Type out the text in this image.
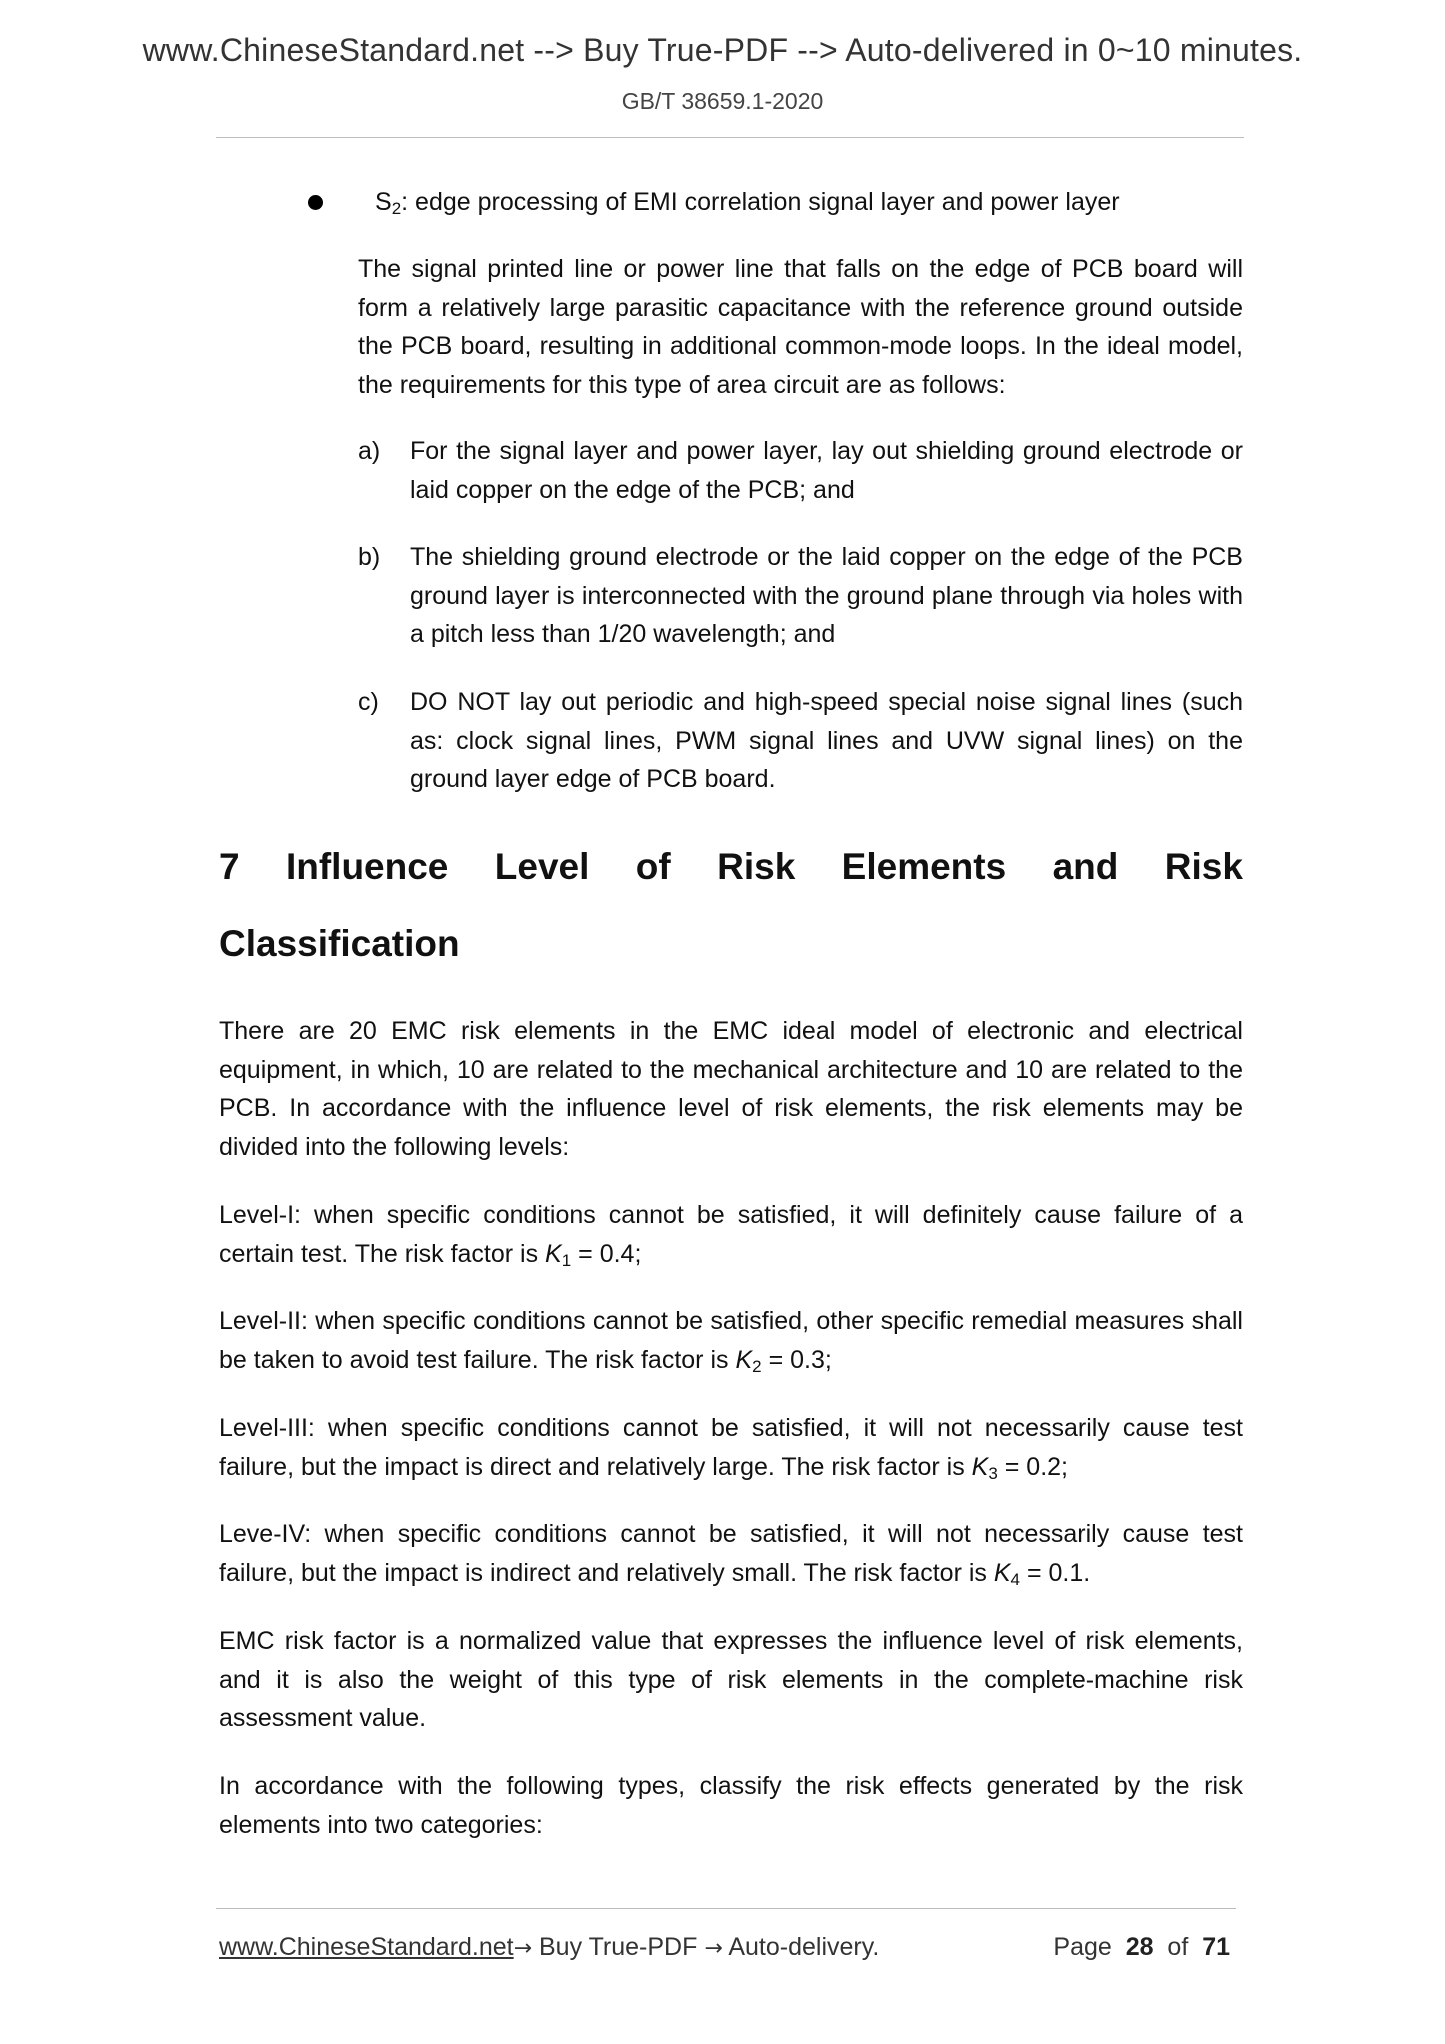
www.ChineseStandard.net --> Buy True-PDF --> Auto-delivered in 0~10 minutes.
GB/T 38659.1-2020
$S_2$: edge processing of EMI correlation signal layer and power layer

The signal printed line or power line that falls on the edge of PCB board will form a relatively large parasitic capacitance with the reference ground outside the PCB board, resulting in additional common-mode loops. In the ideal model, the requirements for this type of area circuit are as follows:

a) For the signal layer and power layer, lay out shielding ground electrode or laid copper on the edge of the PCB; and
b) The shielding ground electrode or the laid copper on the edge of the PCB ground layer is interconnected with the ground plane through via holes with a pitch less than 1/20 wavelength; and
c) DO NOT lay out periodic and high-speed special noise signal lines (such as: clock signal lines, PWM signal lines and UVW signal lines) on the ground layer edge of PCB board.
7 Influence Level of Risk Elements and Risk
Classification

There are 20 EMC risk elements in the EMC ideal model of electronic and electrical equipment, in which, 10 are related to the mechanical architecture and 10 are related to the PCB. In accordance with the influence level of risk elements, the risk elements may be divided into the following levels:

Level-I: when specific conditions cannot be satisfied, it will definitely cause failure of a certain test. The risk factor is $K_1 = 0.4$;

Level-II: when specific conditions cannot be satisfied, other specific remedial measures shall be taken to avoid test failure. The risk factor is $K_2 = 0.3$;

Level-III: when specific conditions cannot be satisfied, it will not necessarily cause test failure, but the impact is direct and relatively large. The risk factor is $K_3 = 0.2$;

Leve-IV: when specific conditions cannot be satisfied, it will not necessarily cause test failure, but the impact is indirect and relatively small. The risk factor is $K_4 = 0.1$.

EMC risk factor is a normalized value that expresses the influence level of risk elements, and it is also the weight of this type of risk elements in the complete-machine risk assessment value.

In accordance with the following types, classify the risk effects generated by the risk elements into two categories:

www.ChineseStandard.net→ Buy True-PDF → Auto-delivery.	Page 28 of 71
